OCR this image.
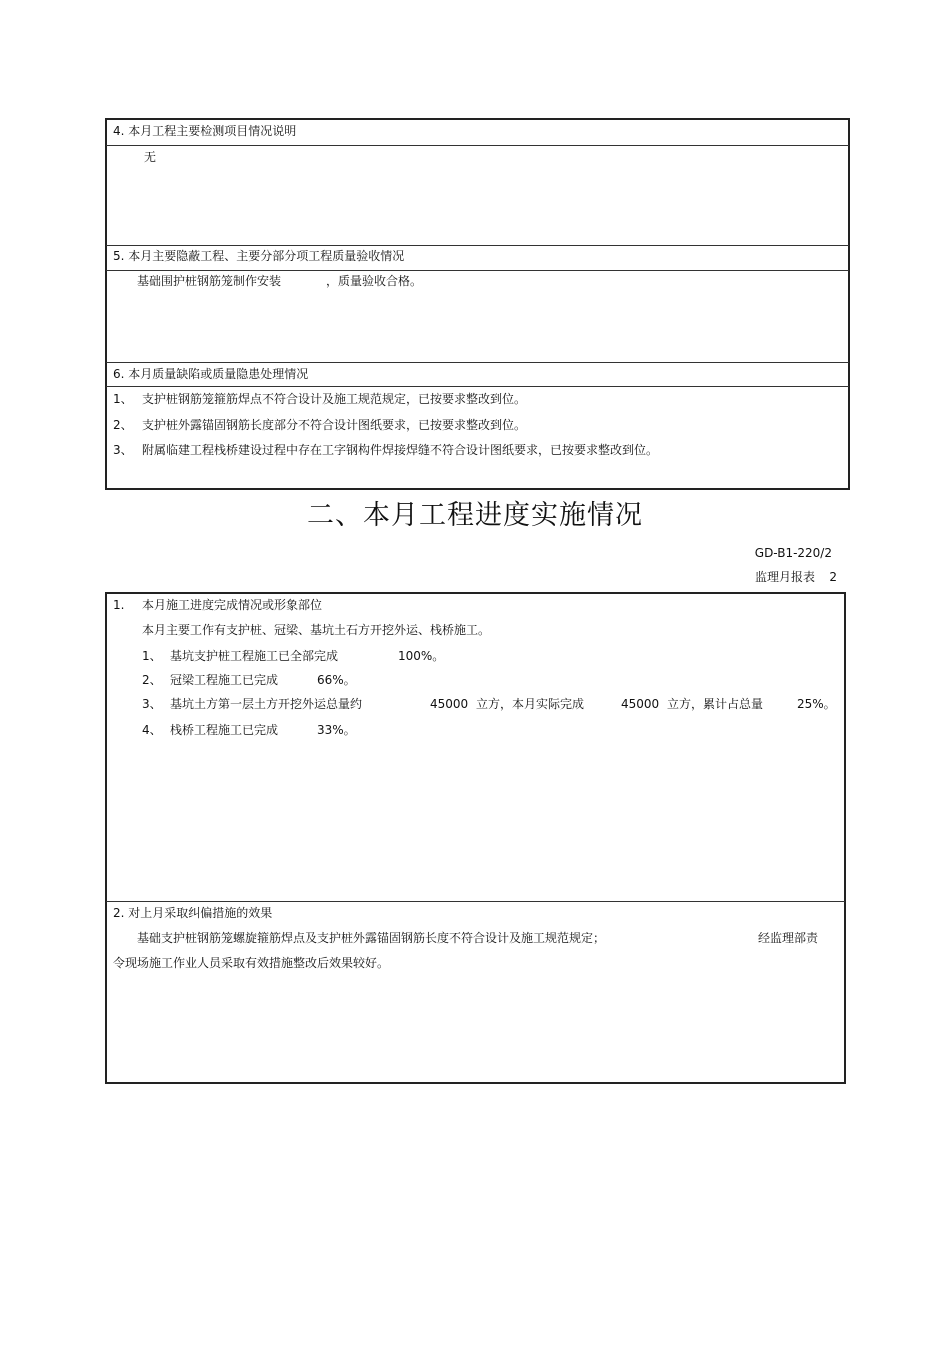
4. 本月工程主要检测项目情况说明
无
5. 本月主要隐蔽工程、主要分部分项工程质量验收情况
基础围护桩钢筋笼制作安装	，质量验收合格。
6. 本月质量缺陷或质量隐患处理情况
1、 支护桩钢筋笼箍筋焊点不符合设计及施工规范规定，已按要求整改到位。
2、 支护桩外露锚固钢筋长度部分不符合设计图纸要求，已按要求整改到位。
3、 附属临建工程栈桥建设过程中存在工字钢构件焊接焊缝不符合设计图纸要求，已按要求整改到位。
二、本月工程进度实施情况
GD-B1-220/2
监理月报表 2
1. 本月施工进度完成情况或形象部位
本月主要工作有支护桩、冠梁、基坑土石方开挖外运、栈桥施工。
1、 基坑支护桩工程施工已全部完成	100%。
2、 冠梁工程施工已完成	66%。
3、 基坑土方第一层土方开挖外运总量约	45000 立方，本月实际完成	45000 立方，累计占总量	25%。
4、 栈桥工程施工已完成	33%。
2. 对上月采取纠偏措施的效果
基础支护桩钢筋笼螺旋箍筋焊点及支护桩外露锚固钢筋长度不符合设计及施工规范规定；	经监理部责
令现场施工作业人员采取有效措施整改后效果较好。
